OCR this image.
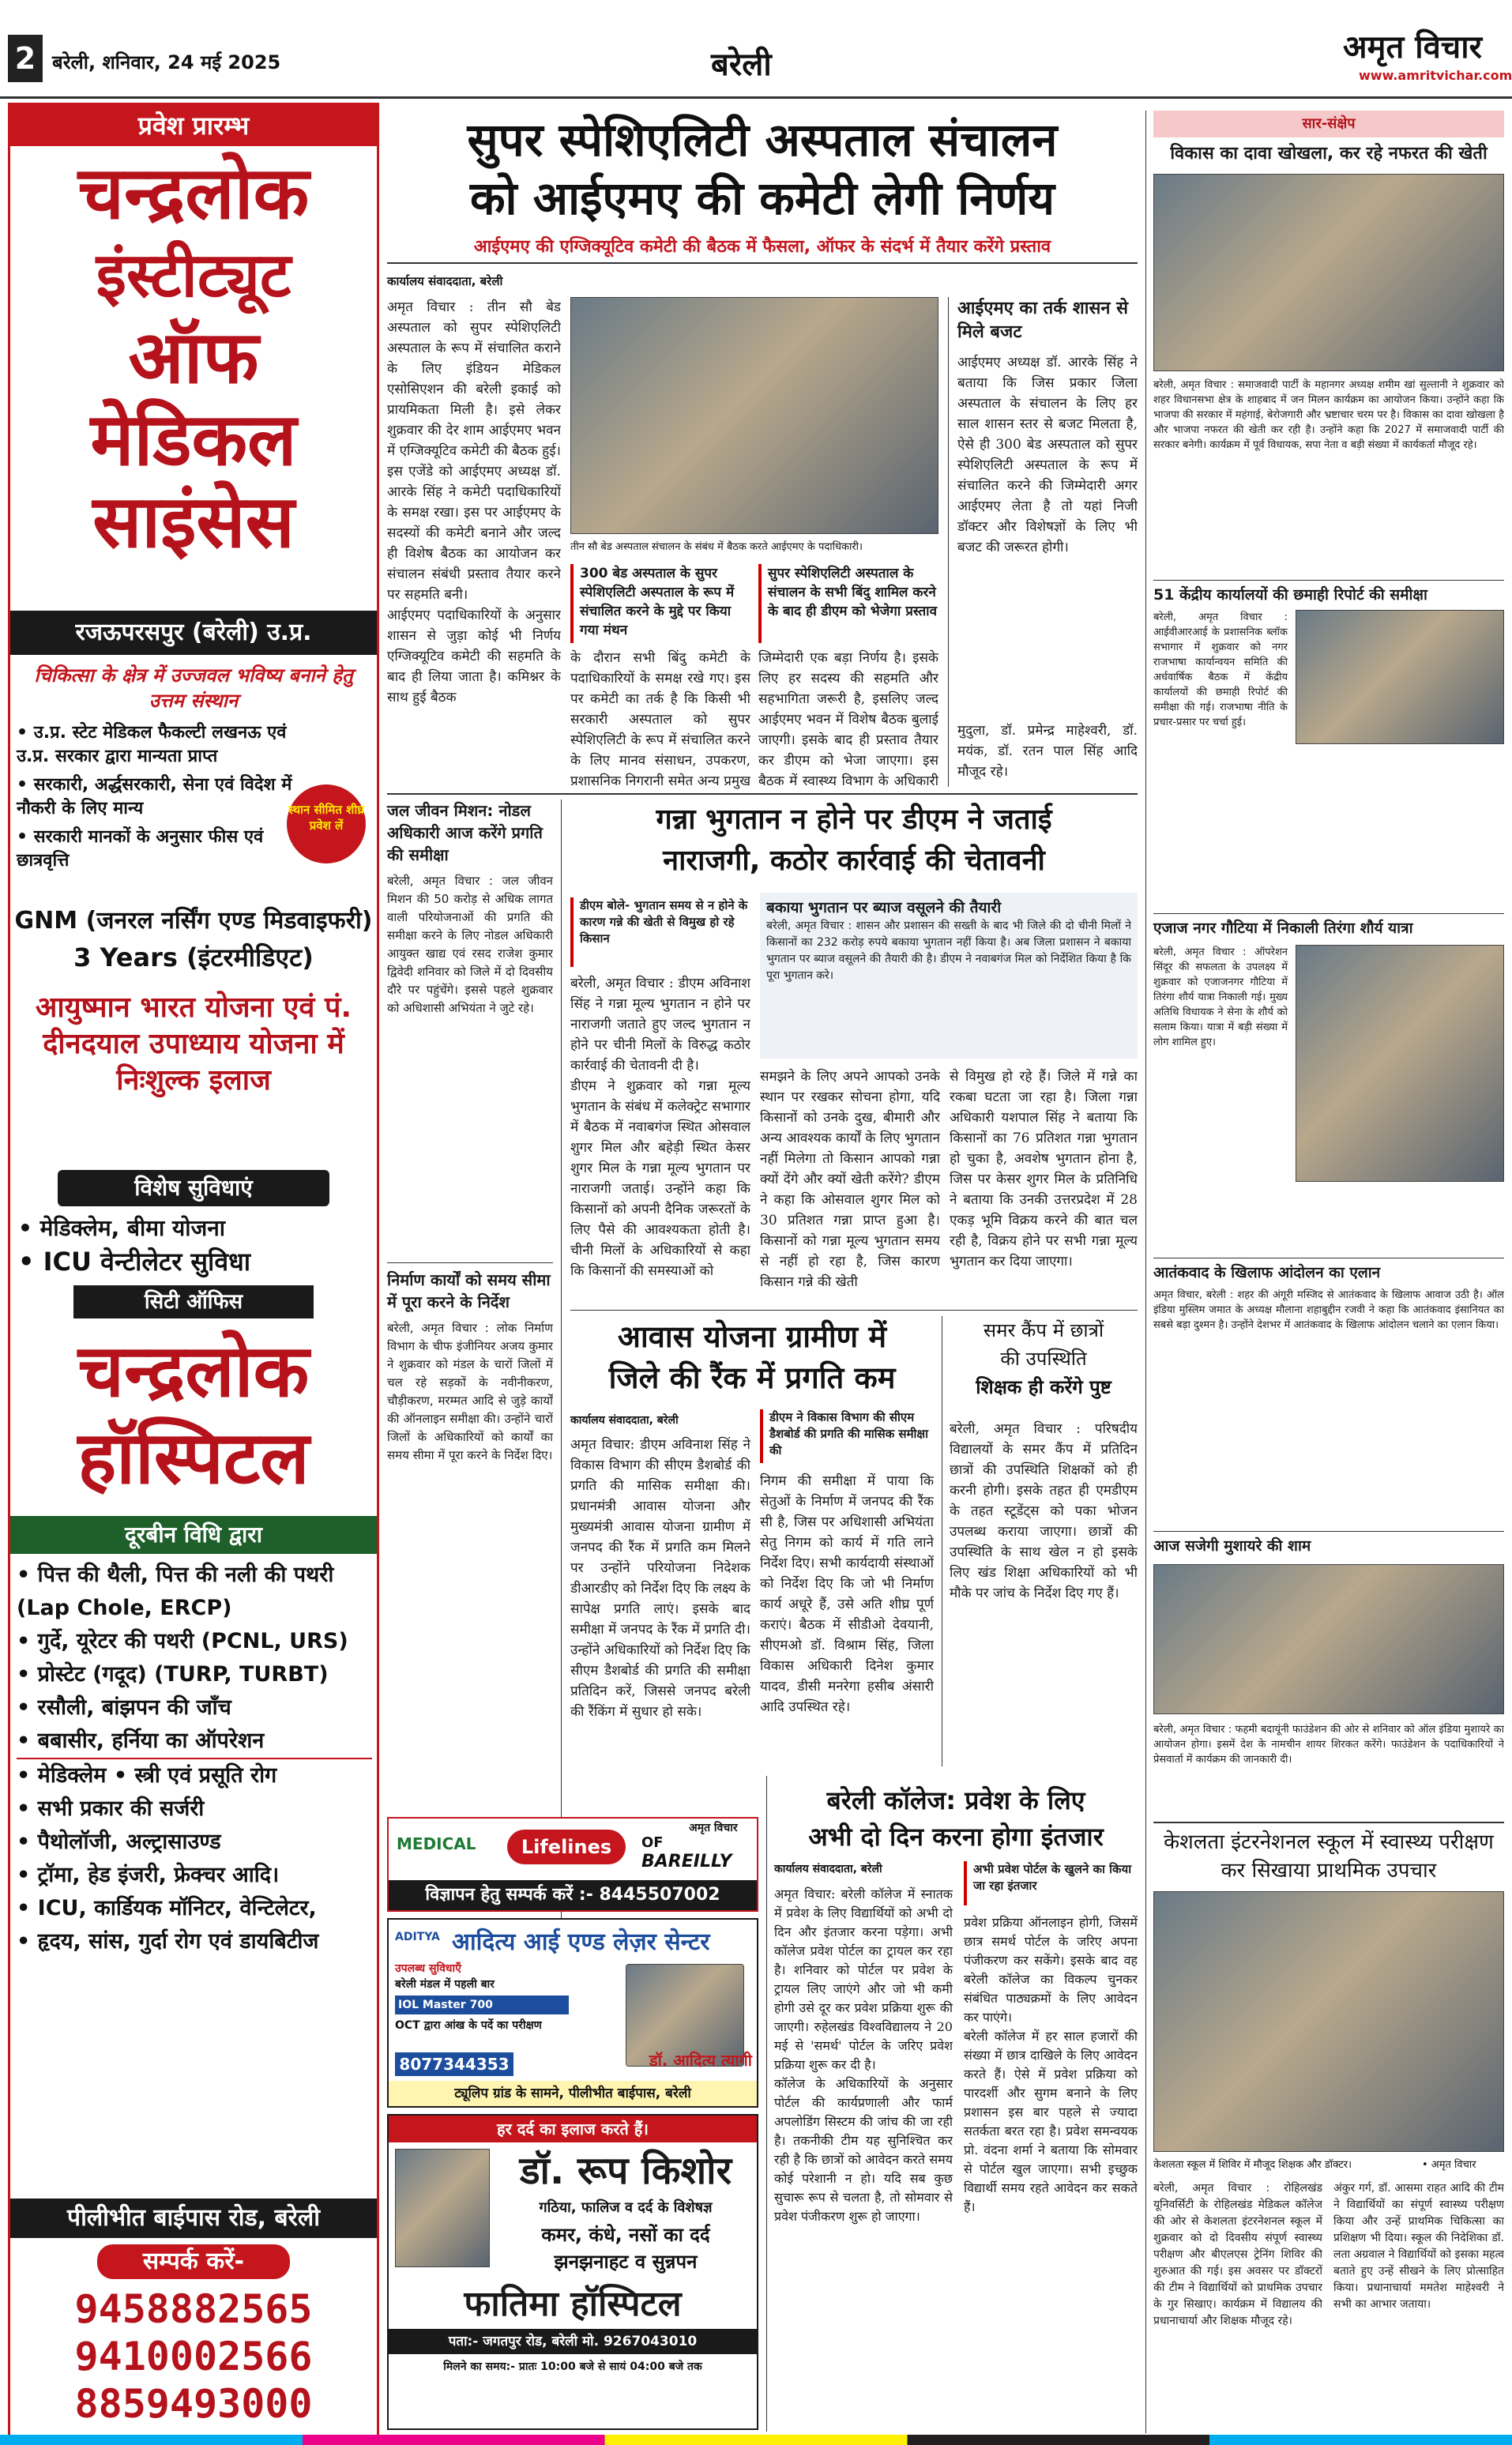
2 बरेली, शनिवार, 24 मई 2025	बरेली	अमृत विचार
www.amritvichar.com
प्रवेश प्रारम्भ
चन्द्रलोक
इंस्टीट्यूट
ऑफ
मेडिकल
साइंसेस
रजऊपरसपुर (बरेली) उ.प्र.
चिकित्सा के क्षेत्र में उज्जवल भविष्य बनाने हेतु उत्तम संस्थान
• उ.प्र. स्टेट मेडिकल फैकल्टी लखनऊ एवं उ.प्र. सरकार द्वारा मान्यता प्राप्त
• सरकारी, अर्द्धसरकारी, सेना एवं विदेश में नौकरी के लिए मान्य
• सरकारी मानकों के अनुसार फीस एवं छात्रवृत्ति
स्थान सीमित शीघ्र प्रवेश लें
GNM (जनरल नर्सिंग एण्ड मिडवाइफरी)
3 Years (इंटरमीडिएट)
आयुष्मान भारत योजना एवं पं. दीनदयाल उपाध्याय योजना में निःशुल्क इलाज
विशेष सुविधाएं
• मेडिक्लेम, बीमा योजना
• ICU वेन्टीलेटर सुविधा
सिटी ऑफिस
चन्द्रलोक
हॉस्पिटल
दूरबीन विधि द्वारा
• पित्त की थैली, पित्त की नली की पथरी (Lap Chole, ERCP)
• गुर्दे, यूरेटर की पथरी (PCNL, URS)
• प्रोस्टेट (गदूद) (TURP, TURBT)
• रसौली, बांझपन की जाँच
• बबासीर, हर्निया का ऑपरेशन
• मेडिक्लेम • स्त्री एवं प्रसूति रोग
• सभी प्रकार की सर्जरी
• पैथोलॉजी, अल्ट्रासाउण्ड
• ट्रॉमा, हेड इंजरी, फ्रेक्चर आदि।
• ICU, कार्डियक मॉनिटर, वेन्टिलेटर,
• हृदय, सांस, गुर्दा रोग एवं डायबिटीज
पीलीभीत बाईपास रोड, बरेली
सम्पर्क करें-
9458882565
9410002566
8859493000
सुपर स्पेशिएलिटी अस्पताल संचालन
को आईएमए की कमेटी लेगी निर्णय
आईएमए की एग्जिक्यूटिव कमेटी की बैठक में फैसला, ऑफर के संदर्भ में तैयार करेंगे प्रस्ताव
कार्यालय संवाददाता, बरेली
अमृत विचार : तीन सौ बेड अस्पताल को सुपर स्पेशिएलिटी अस्पताल के रूप में संचालित कराने के लिए इंडियन मेडिकल एसोसिएशन की बरेली इकाई को प्रायमिकता मिली है। इसे लेकर शुक्रवार की देर शाम आईएमए भवन में एग्जिक्यूटिव कमेटी की बैठक हुई। इस एजेंडे को आईएमए अध्यक्ष डॉ. आरके सिंह ने कमेटी पदाधिकारियों के समक्ष रखा। इस पर आईएमए के सदस्यों की कमेटी बनाने और जल्द ही विशेष बैठक का आयोजन कर संचालन संबंधी प्रस्ताव तैयार करने पर सहमति बनी।
आईएमए पदाधिकारियों के अनुसार शासन से जुड़ा कोई भी निर्णय एग्जिक्यूटिव कमेटी की सहमति के बाद ही लिया जाता है। कमिश्नर के साथ हुई बैठक
तीन सौ बेड अस्पताल संचालन के संबंध में बैठक करते आईएमए के पदाधिकारी।
300 बेड अस्पताल के सुपर स्पेशिएलिटी अस्पताल के रूप में संचालित करने के मुद्दे पर किया गया मंथन
सुपर स्पेशिएलिटी अस्पताल के संचालन के सभी बिंदु शामिल करने के बाद ही डीएम को भेजेगा प्रस्ताव
के दौरान सभी बिंदु कमेटी के पदाधिकारियों के समक्ष रखे गए। इस पर कमेटी का तर्क है कि किसी भी सरकारी अस्पताल को सुपर स्पेशिएलिटी के रूप में संचालित करने के लिए मानव संसाधन, उपकरण, प्रशासनिक निगरानी समेत अन्य प्रमुख
जिम्मेदारी एक बड़ा निर्णय है। इसके लिए हर सदस्य की सहमति और सहभागिता जरूरी है, इसलिए जल्द आईएमए भवन में विशेष बैठक बुलाई जाएगी। इसके बाद ही प्रस्ताव तैयार कर डीएम को भेजा जाएगा। इस बैठक में स्वास्थ्य विभाग के अधिकारी
आईएमए का तर्क शासन से मिले बजट
आईएमए अध्यक्ष डॉ. आरके सिंह ने बताया कि जिस प्रकार जिला अस्पताल के संचालन के लिए हर साल शासन स्तर से बजट मिलता है, ऐसे ही 300 बेड अस्पताल को सुपर स्पेशिएलिटी अस्पताल के रूप में संचालित करने की जिम्मेदारी अगर आईएमए लेता है तो यहां निजी डॉक्टर और विशेषज्ञों के लिए भी बजट की जरूरत होगी।
मुदुला, डॉ. प्रमेन्द्र माहेश्वरी, डॉ. मयंक, डॉ. रतन पाल सिंह आदि मौजूद रहे।
जल जीवन मिशन: नोडल अधिकारी आज करेंगे प्रगति की समीक्षा
बरेली, अमृत विचार : जल जीवन मिशन की 50 करोड़ से अधिक लागत वाली परियोजनाओं की प्रगति की समीक्षा करने के लिए नोडल अधिकारी आयुक्त खाद्य एवं रसद राजेश कुमार द्विवेदी शनिवार को जिले में दो दिवसीय दौरे पर पहुंचेंगे। इससे पहले शुक्रवार को अधिशासी अभियंता ने जुटे रहे।
निर्माण कार्यों को समय सीमा में पूरा करने के निर्देश
बरेली, अमृत विचार : लोक निर्माण विभाग के चीफ इंजीनियर अजय कुमार ने शुक्रवार को मंडल के चारों जिलों में चल रहे सड़कों के नवीनीकरण, चौड़ीकरण, मरम्मत आदि से जुड़े कार्यों की ऑनलाइन समीक्षा की। उन्होंने चारों जिलों के अधिकारियों को कार्यों का समय सीमा में पूरा करने के निर्देश दिए।
गन्ना भुगतान न होने पर डीएम ने जताई
नाराजगी, कठोर कार्रवाई की चेतावनी
डीएम बोले- भुगतान समय से न होने के कारण गन्ने की खेती से विमुख हो रहे किसान
बकाया भुगतान पर ब्याज वसूलने की तैयारी
बरेली, अमृत विचार : शासन और प्रशासन की सख्ती के बाद भी जिले की दो चीनी मिलों ने किसानों का 232 करोड़ रुपये बकाया भुगतान नहीं किया है। अब जिला प्रशासन ने बकाया भुगतान पर ब्याज वसूलने की तैयारी की है। डीएम ने नवाबगंज मिल को निर्देशित किया है कि पूरा भुगतान करे।
बरेली, अमृत विचार : डीएम अविनाश सिंह ने गन्ना मूल्य भुगतान न होने पर नाराजगी जताते हुए जल्द भुगतान न होने पर चीनी मिलों के विरुद्ध कठोर कार्रवाई की चेतावनी दी है।
डीएम ने शुक्रवार को गन्ना मूल्य भुगतान के संबंध में कलेक्ट्रेट सभागार में बैठक में नवाबगंज स्थित ओसवाल शुगर मिल और बहेड़ी स्थित केसर शुगर मिल के गन्ना मूल्य भुगतान पर नाराजगी जताई। उन्होंने कहा कि किसानों को अपनी दैनिक जरूरतों के लिए पैसे की आवश्यकता होती है। चीनी मिलों के अधिकारियों से कहा कि किसानों की समस्याओं को
समझने के लिए अपने आपको उनके स्थान पर रखकर सोचना होगा, यदि किसानों को उनके दुख, बीमारी और अन्य आवश्यक कार्यों के लिए भुगतान नहीं मिलेगा तो किसान आपको गन्ना क्यों देंगे और क्यों खेती करेंगे? डीएम ने कहा कि ओसवाल शुगर मिल को 30 प्रतिशत गन्ना प्राप्त हुआ है। किसानों को गन्ना मूल्य भुगतान समय से नहीं हो रहा है, जिस कारण किसान गन्ने की खेती
से विमुख हो रहे हैं। जिले में गन्ने का रकबा घटता जा रहा है। जिला गन्ना अधिकारी यशपाल सिंह ने बताया कि किसानों का 76 प्रतिशत गन्ना भुगतान हो चुका है, अवशेष भुगतान होना है, जिस पर केसर शुगर मिल के प्रतिनिधि ने बताया कि उनकी उत्तरप्रदेश में 28 एकड़ भूमि विक्रय करने की बात चल रही है, विक्रय होने पर सभी गन्ना मूल्य भुगतान कर दिया जाएगा।
आवास योजना ग्रामीण में
जिले की रैंक में प्रगति कम
कार्यालय संवाददाता, बरेली	डीएम ने विकास विभाग की सीएम डैशबोर्ड की प्रगति की मासिक समीक्षा की
अमृत विचार: डीएम अविनाश सिंह ने विकास विभाग की सीएम डैशबोर्ड की प्रगति की मासिक समीक्षा की। प्रधानमंत्री आवास योजना और मुख्यमंत्री आवास योजना ग्रामीण में जनपद की रैंक में प्रगति कम मिलने पर उन्होंने परियोजना निदेशक डीआरडीए को निर्देश दिए कि लक्ष्य के सापेक्ष प्रगति लाएं। इसके बाद समीक्षा में जनपद के रैंक में प्रगति दी। उन्होंने अधिकारियों को निर्देश दिए कि सीएम डैशबोर्ड की प्रगति की समीक्षा प्रतिदिन करें, जिससे जनपद बरेली की रैंकिंग में सुधार हो सके।
निगम की समीक्षा में पाया कि सेतुओं के निर्माण में जनपद की रैंक सी है, जिस पर अधिशासी अभियंता सेतु निगम को कार्य में गति लाने निर्देश दिए। सभी कार्यदायी संस्थाओं को निर्देश दिए कि जो भी निर्माण कार्य अधूरे हैं, उसे अति शीघ्र पूर्ण कराएं। बैठक में सीडीओ देवयानी, सीएमओ डॉ. विश्राम सिंह, जिला विकास अधिकारी दिनेश कुमार यादव, डीसी मनरेगा हसीब अंसारी आदि उपस्थित रहे।
समर कैंप में छात्रों
की उपस्थिति
शिक्षक ही करेंगे पुष्ट
बरेली, अमृत विचार : परिषदीय विद्यालयों के समर कैंप में प्रतिदिन छात्रों की उपस्थिति शिक्षकों को ही करनी होगी। इसके तहत ही एमडीएम के तहत स्टूडेंट्स को पका भोजन उपलब्ध कराया जाएगा। छात्रों की उपस्थिति के साथ खेल न हो इसके लिए खंड शिक्षा अधिकारियों को भी मौके पर जांच के निर्देश दिए गए हैं।
MEDICAL	Lifelines	OF
BAREILLY
अमृत विचार
विज्ञापन हेतु सम्पर्क करें :- 8445507002
ADITYA आदित्य आई एण्ड लेज़र सेन्टर
उपलब्ध सुविधाएँ
बरेली मंडल में पहली बार
IOL Master 700
OCT द्वारा आंख के पर्दे का परीक्षण
8077344353	डॉ. आदित्य त्यागी
ट्यूलिप ग्रांड के सामने, पीलीभीत बाईपास, बरेली
हर दर्द का इलाज करते हैं।
डॉ. रूप किशोर
गठिया, फालिज व दर्द के विशेषज्ञ
कमर, कंधे, नसों का दर्द
झनझनाहट व सुन्नपन
फातिमा हॉस्पिटल
पता:- जगतपुर रोड, बरेली मो. 9267043010
मिलने का समय:- प्रातः 10:00 बजे से सायं 04:00 बजे तक
बरेली कॉलेज: प्रवेश के लिए
अभी दो दिन करना होगा इंतजार
कार्यालय संवाददाता, बरेली	अभी प्रवेश पोर्टल के खुलने का किया जा रहा इंतजार
अमृत विचार: बरेली कॉलेज में स्नातक में प्रवेश के लिए विद्यार्थियों को अभी दो दिन और इंतजार करना पड़ेगा। अभी कॉलेज प्रवेश पोर्टल का ट्रायल कर रहा है। शनिवार को पोर्टल पर प्रवेश के ट्रायल लिए जाएंगे और जो भी कमी होगी उसे दूर कर प्रवेश प्रक्रिया शुरू की जाएगी। रुहेलखंड विश्वविद्यालय ने 20 मई से 'समर्थ' पोर्टल के जरिए प्रवेश प्रक्रिया शुरू कर दी है।
कॉलेज के अधिकारियों के अनुसार पोर्टल की कार्यप्रणाली और फार्म अपलोडिंग सिस्टम की जांच की जा रही है। तकनीकी टीम यह सुनिश्चित कर रही है कि छात्रों को आवेदन करते समय कोई परेशानी न हो। यदि सब कुछ सुचारू रूप से चलता है, तो सोमवार से प्रवेश पंजीकरण शुरू हो जाएगा।
प्रवेश प्रक्रिया ऑनलाइन होगी, जिसमें छात्र समर्थ पोर्टल के जरिए अपना पंजीकरण कर सकेंगे। इसके बाद वह बरेली कॉलेज का विकल्प चुनकर संबंधित पाठ्यक्रमों के लिए आवेदन कर पाएंगे।
बरेली कॉलेज में हर साल हजारों की संख्या में छात्र दाखिले के लिए आवेदन करते हैं। ऐसे में प्रवेश प्रक्रिया को पारदर्शी और सुगम बनाने के लिए प्रशासन इस बार पहले से ज्यादा सतर्कता बरत रहा है। प्रवेश समन्वयक प्रो. वंदना शर्मा ने बताया कि सोमवार से पोर्टल खुल जाएगा। सभी इच्छुक विद्यार्थी समय रहते आवेदन कर सकते हैं।
सार-संक्षेप
विकास का दावा खोखला, कर रहे नफरत की खेती
बरेली, अमृत विचार : समाजवादी पार्टी के महानगर अध्यक्ष शमीम खां सुल्तानी ने शुक्रवार को शहर विधानसभा क्षेत्र के शाहबाद में जन मिलन कार्यक्रम का आयोजन किया। उन्होंने कहा कि भाजपा की सरकार में महंगाई, बेरोजगारी और भ्रष्टाचार चरम पर है। विकास का दावा खोखला है और भाजपा नफरत की खेती कर रही है। उन्होंने कहा कि 2027 में समाजवादी पार्टी की सरकार बनेगी। कार्यक्रम में पूर्व विधायक, सपा नेता व बड़ी संख्या में कार्यकर्ता मौजूद रहे।
51 केंद्रीय कार्यालयों की छमाही रिपोर्ट की समीक्षा
बरेली, अमृत विचार : आईवीआरआई के प्रशासनिक ब्लॉक सभागार में शुक्रवार को नगर राजभाषा कार्यान्वयन समिति की अर्धवार्षिक बैठक में केंद्रीय कार्यालयों की छमाही रिपोर्ट की समीक्षा की गई। राजभाषा नीति के प्रचार-प्रसार पर चर्चा हुई।
एजाज नगर गौटिया में निकाली तिरंगा शौर्य यात्रा
बरेली, अमृत विचार : ऑपरेशन सिंदूर की सफलता के उपलक्ष्य में शुक्रवार को एजाजनगर गौटिया में तिरंगा शौर्य यात्रा निकाली गई। मुख्य अतिथि विधायक ने सेना के शौर्य को सलाम किया। यात्रा में बड़ी संख्या में लोग शामिल हुए।
आतंकवाद के खिलाफ आंदोलन का एलान
अमृत विचार, बरेली : शहर की अंगूरी मस्जिद से आतंकवाद के खिलाफ आवाज उठी है। ऑल इंडिया मुस्लिम जमात के अध्यक्ष मौलाना शहाबुद्दीन रजवी ने कहा कि आतंकवाद इंसानियत का सबसे बड़ा दुश्मन है। उन्होंने देशभर में आतंकवाद के खिलाफ आंदोलन चलाने का एलान किया।
आज सजेगी मुशायरे की शाम
बरेली, अमृत विचार : फहमी बदायूंनी फाउंडेशन की ओर से शनिवार को ऑल इंडिया मुशायरे का आयोजन होगा। इसमें देश के नामचीन शायर शिरकत करेंगे। फाउंडेशन के पदाधिकारियों ने प्रेसवार्ता में कार्यक्रम की जानकारी दी।
केशलता इंटरनेशनल स्कूल में स्वास्थ्य परीक्षण कर सिखाया प्राथमिक उपचार
केशलता स्कूल में शिविर में मौजूद शिक्षक और डॉक्टर।	• अमृत विचार
बरेली, अमृत विचार : रोहिलखंड यूनिवर्सिटी के रोहिलखंड मेडिकल कॉलेज की ओर से केशलता इंटरनेशनल स्कूल में शुक्रवार को दो दिवसीय संपूर्ण स्वास्थ्य परीक्षण और बीएलएस ट्रेनिंग शिविर की शुरुआत की गई। इस अवसर पर डॉक्टरों की टीम ने विद्यार्थियों को प्राथमिक उपचार के गुर सिखाए। कार्यक्रम में विद्यालय की प्रधानाचार्या और शिक्षक मौजूद रहे।
अंकुर गर्ग, डॉ. आसमा राहत आदि की टीम ने विद्यार्थियों का संपूर्ण स्वास्थ्य परीक्षण किया और उन्हें प्राथमिक चिकित्सा का प्रशिक्षण भी दिया। स्कूल की निदेशिका डॉ. लता अग्रवाल ने विद्यार्थियों को इसका महत्व बताते हुए उन्हें सीखने के लिए प्रोत्साहित किया। प्रधानाचार्या ममतेश माहेश्वरी ने सभी का आभार जताया।
